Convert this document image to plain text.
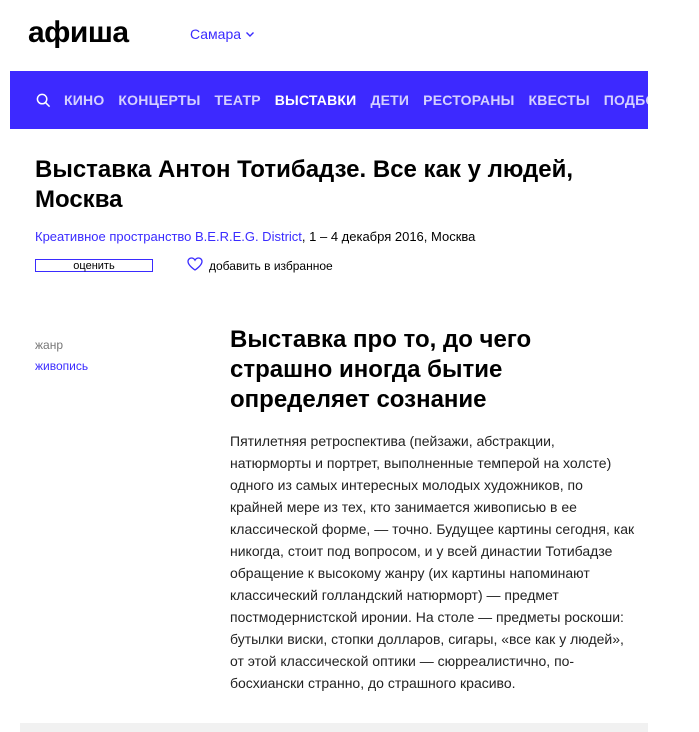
афиша	Самара
КИНО КОНЦЕРТЫ ТЕАТР ВЫСТАВКИ ДЕТИ РЕСТОРАНЫ КВЕСТЫ ПОДБОРКИ
Выставка Антон Тотибадзе. Все как у людей, Москва
Креативное пространство B.E.R.E.G. District, 1 – 4 декабря 2016, Москва
оценить	добавить в избранное
жанр
живопись
Выставка про то, до чего страшно иногда бытие определяет сознание

Пятилетняя ретроспектива (пейзажи, абстракции, натюрморты и портрет, выполненные темперой на холсте) одного из самых интересных молодых художников, по крайней мере из тех, кто занимается живописью в ее классической форме, — точно. Будущее картины сегодня, как никогда, стоит под вопросом, и у всей династии Тотибадзе обращение к высокому жанру (их картины напоминают классический голландский натюрморт) — предмет постмодернистской иронии. На столе — предметы роскоши: бутылки виски, стопки долларов, сигары, «все как у людей», от этой классической оптики — сюрреалистично, по-босхиански странно, до страшного красиво.
